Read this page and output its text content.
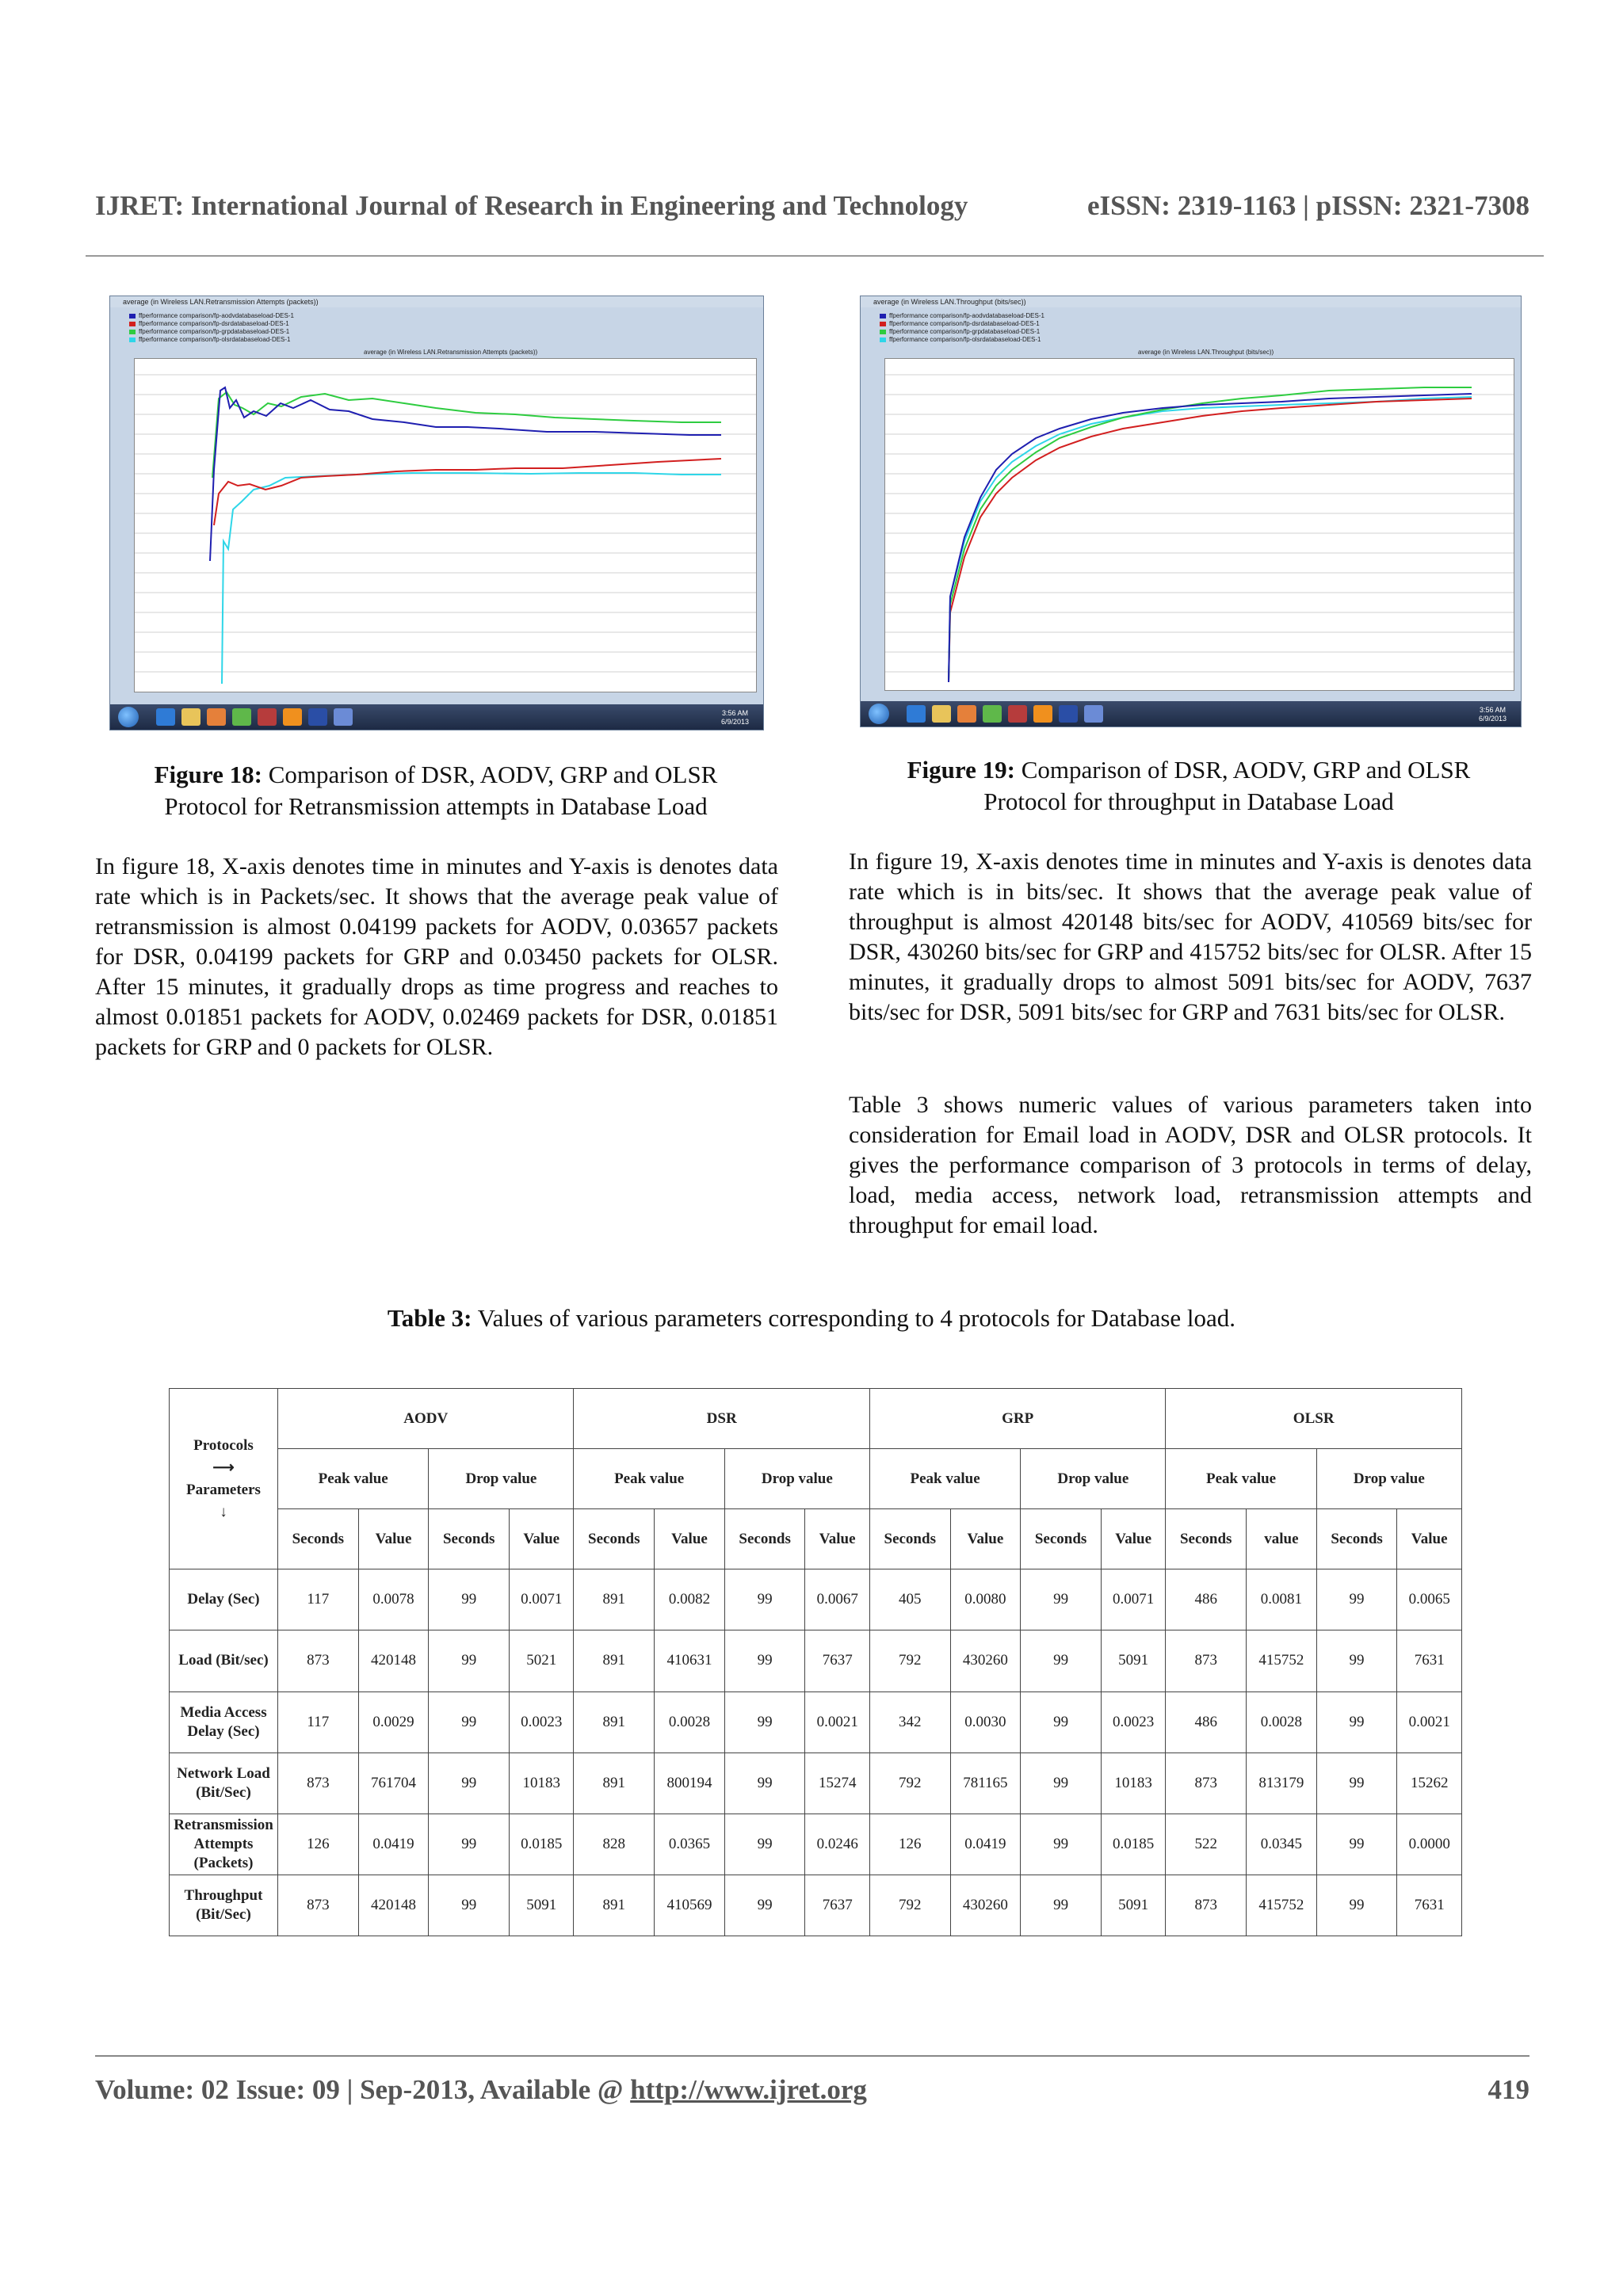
IJRET: International Journal of Research in Engineering and Technology	eISSN: 2319-1163 | pISSN: 2321-7308
average (in Wireless LAN.Retransmission Attempts (packets))
ffperformance comparison/fp-aodvdatabaseload-DES-1
ffperformance comparison/fp-dsrdatabaseload-DES-1
ffperformance comparison/fp-grpdatabaseload-DES-1
ffperformance comparison/fp-olsrdatabaseload-DES-1
average (in Wireless LAN.Retransmission Attempts (packets))
3:56 AM
6/9/2013
average (in Wireless LAN.Throughput (bits/sec))
ffperformance comparison/fp-aodvdatabaseload-DES-1
ffperformance comparison/fp-dsrdatabaseload-DES-1
ffperformance comparison/fp-grpdatabaseload-DES-1
ffperformance comparison/fp-olsrdatabaseload-DES-1
average (in Wireless LAN.Throughput (bits/sec))
3:56 AM
6/9/2013
Figure 18: Comparison of DSR, AODV, GRP and OLSR Protocol for Retransmission attempts in Database Load
Figure 19: Comparison of DSR, AODV, GRP and OLSR Protocol for throughput in Database Load
In figure 18, X-axis denotes time in minutes and Y-axis is denotes data rate which is in Packets/sec. It shows that the average peak value of retransmission is almost 0.04199 packets for AODV, 0.03657 packets for DSR, 0.04199 packets for GRP and 0.03450 packets for OLSR. After 15 minutes, it gradually drops as time progress and reaches to almost 0.01851 packets for AODV, 0.02469 packets for DSR, 0.01851 packets for GRP and 0 packets for OLSR.
In figure 19, X-axis denotes time in minutes and Y-axis is denotes data rate which is in bits/sec. It shows that the average peak value of throughput is almost 420148 bits/sec for AODV, 410569 bits/sec for DSR, 430260 bits/sec for GRP and 415752 bits/sec for OLSR. After 15 minutes, it gradually drops to almost 5091 bits/sec for AODV, 7637 bits/sec for DSR, 5091 bits/sec for GRP and 7631 bits/sec for OLSR.
Table 3 shows numeric values of various parameters taken into consideration for Email load in AODV, DSR and OLSR protocols. It gives the performance comparison of 3 protocols in terms of delay, load, media access, network load, retransmission attempts and throughput for email load.
Table 3: Values of various parameters corresponding to 4 protocols for Database load.
Protocols
⟶
Parameters
↓	AODV				DSR				GRP				OLSR			
	Peak value		Drop value		Peak value		Drop value		Peak value		Drop value		Peak value		Drop value	
	Seconds	Value	Seconds	Value	Seconds	Value	Seconds	Value	Seconds	Value	Seconds	Value	Seconds	value	Seconds	Value
Delay (Sec)	117	0.0078	99	0.0071	891	0.0082	99	0.0067	405	0.0080	99	0.0071	486	0.0081	99	0.0065
Load (Bit/sec)	873	420148	99	5021	891	410631	99	7637	792	430260	99	5091	873	415752	99	7631
Media Access Delay (Sec)	117	0.0029	99	0.0023	891	0.0028	99	0.0021	342	0.0030	99	0.0023	486	0.0028	99	0.0021
Network Load (Bit/Sec)	873	761704	99	10183	891	800194	99	15274	792	781165	99	10183	873	813179	99	15262
Retransmission Attempts (Packets)	126	0.0419	99	0.0185	828	0.0365	99	0.0246	126	0.0419	99	0.0185	522	0.0345	99	0.0000
Throughput (Bit/Sec)	873	420148	99	5091	891	410569	99	7637	792	430260	99	5091	873	415752	99	7631
Volume: 02 Issue: 09 | Sep-2013, Available @ http://www.ijret.org	419
